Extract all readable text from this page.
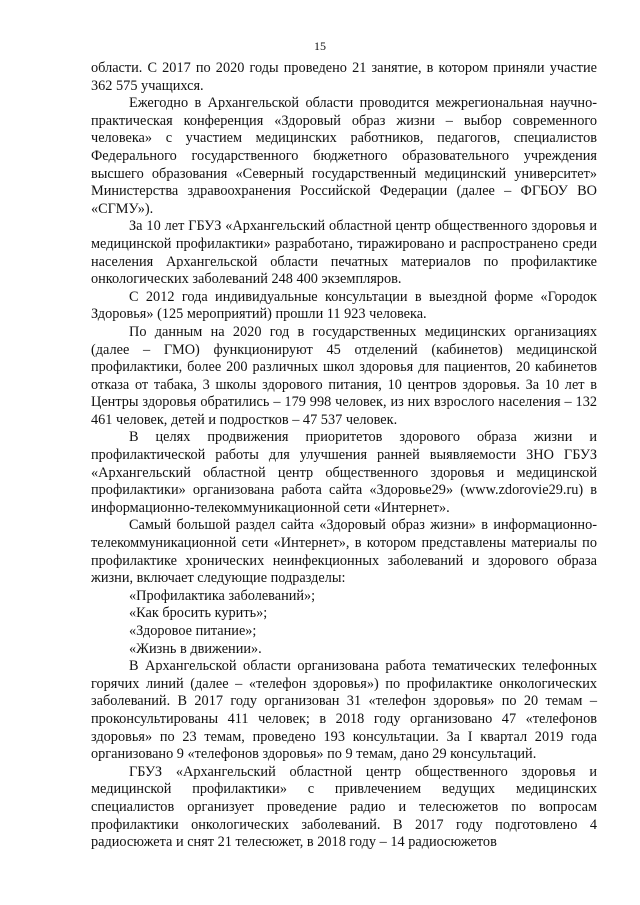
15

области. С 2017 по 2020 годы проведено 21 занятие, в котором приняли участие 362 575 учащихся.

Ежегодно в Архангельской области проводится межрегиональная научно-практическая конференция «Здоровый образ жизни – выбор современного человека» с участием медицинских работников, педагогов, специалистов Федерального государственного бюджетного образовательного учреждения высшего образования «Северный государственный медицинский университет» Министерства здравоохранения Российской Федерации (далее – ФГБОУ ВО «СГМУ»).

За 10 лет ГБУЗ «Архангельский областной центр общественного здоровья и медицинской профилактики» разработано, тиражировано и распространено среди населения Архангельской области печатных материалов по профилактике онкологических заболеваний 248 400 экземпляров.

С 2012 года индивидуальные консультации в выездной форме «Городок Здоровья» (125 мероприятий) прошли 11 923 человека.

По данным на 2020 год в государственных медицинских организациях (далее – ГМО) функционируют 45 отделений (кабинетов) медицинской профилактики, более 200 различных школ здоровья для пациентов, 20 кабинетов отказа от табака, 3 школы здорового питания, 10 центров здоровья. За 10 лет в Центры здоровья обратились – 179 998 человек, из них взрослого населения – 132 461 человек, детей и подростков – 47 537 человек.

В целях продвижения приоритетов здорового образа жизни и профилактической работы для улучшения ранней выявляемости ЗНО ГБУЗ «Архангельский областной центр общественного здоровья и медицинской профилактики» организована работа сайта «Здоровье29» (www.zdorovie29.ru) в информационно-телекоммуникационной сети «Интернет».

Самый большой раздел сайта «Здоровый образ жизни» в информационно-телекоммуникационной сети «Интернет», в котором представлены материалы по профилактике хронических неинфекционных заболеваний и здорового образа жизни, включает следующие подразделы:

«Профилактика заболеваний»;

«Как бросить курить»;

«Здоровое питание»;

«Жизнь в движении».

В Архангельской области организована работа тематических телефонных горячих линий (далее – «телефон здоровья») по профилактике онкологических заболеваний. В 2017 году организован 31 «телефон здоровья» по 20 темам – проконсультированы 411 человек; в 2018 году организовано 47 «телефонов здоровья» по 23 темам, проведено 193 консультации. За I квартал 2019 года организовано 9 «телефонов здоровья» по 9 темам, дано 29 консультаций.

ГБУЗ «Архангельский областной центр общественного здоровья и медицинской профилактики» с привлечением ведущих медицинских специалистов организует проведение радио и телесюжетов по вопросам профилактики онкологических заболеваний. В 2017 году подготовлено 4 радиосюжета и снят 21 телесюжет, в 2018 году – 14 радиосюжетов
